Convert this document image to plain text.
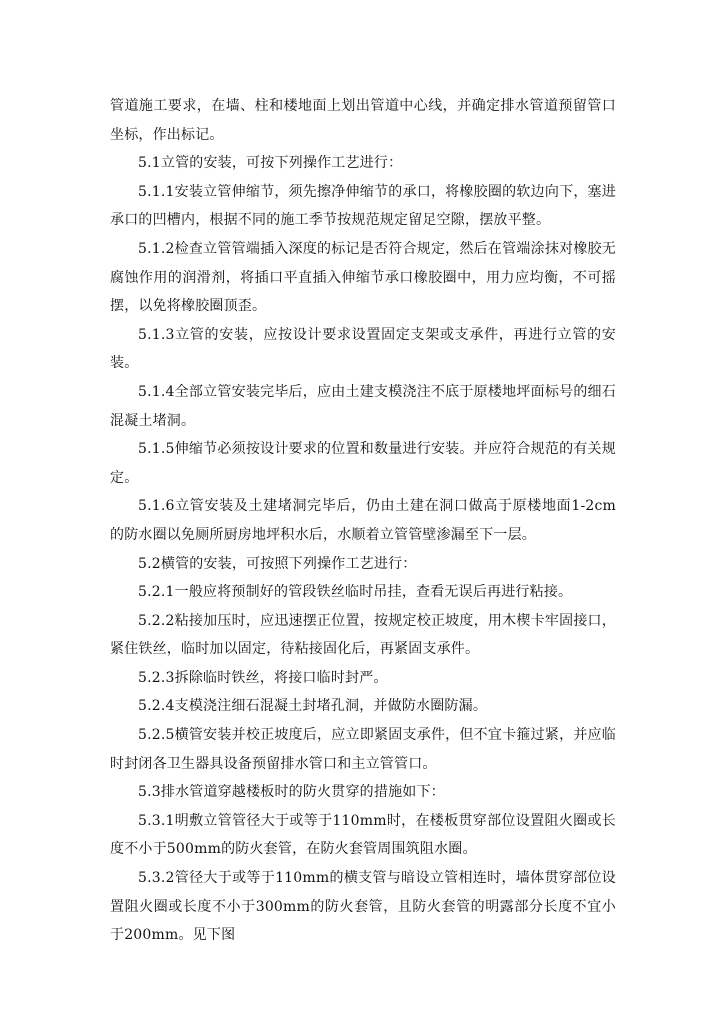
管道施工要求，在墙、柱和楼地面上划出管道中心线，并确定排水管道预留管口坐标，作出标记。

5.1立管的安装，可按下列操作工艺进行：

5.1.1安装立管伸缩节，须先擦净伸缩节的承口，将橡胶圈的软边向下，塞进承口的凹槽内，根据不同的施工季节按规范规定留足空隙，摆放平整。

5.1.2检查立管管端插入深度的标记是否符合规定，然后在管端涂抹对橡胶无腐蚀作用的润滑剂，将插口平直插入伸缩节承口橡胶圈中，用力应均衡，不可摇摆，以免将橡胶圈顶歪。

5.1.3立管的安装，应按设计要求设置固定支架或支承件，再进行立管的安装。

5.1.4全部立管安装完毕后，应由土建支模浇注不底于原楼地坪面标号的细石混凝土堵洞。

5.1.5伸缩节必须按设计要求的位置和数量进行安装。并应符合规范的有关规定。

5.1.6立管安装及土建堵洞完毕后，仍由土建在洞口做高于原楼地面1-2cm的防水圈以免厕所厨房地坪积水后，水顺着立管管壁渗漏至下一层。

5.2横管的安装，可按照下列操作工艺进行：

5.2.1一般应将预制好的管段铁丝临时吊挂，查看无误后再进行粘接。

5.2.2粘接加压时，应迅速摆正位置，按规定校正坡度，用木楔卡牢固接口，紧住铁丝，临时加以固定，待粘接固化后，再紧固支承件。

5.2.3拆除临时铁丝，将接口临时封严。

5.2.4支模浇注细石混凝土封堵孔洞，并做防水圈防漏。

5.2.5横管安装并校正坡度后，应立即紧固支承件，但不宜卡箍过紧，并应临时封闭各卫生器具设备预留排水管口和主立管管口。

5.3排水管道穿越楼板时的防火贯穿的措施如下：

5.3.1明敷立管管径大于或等于110mm时，在楼板贯穿部位设置阻火圈或长度不小于500mm的防火套管，在防火套管周围筑阻水圈。

5.3.2管径大于或等于110mm的横支管与暗设立管相连时，墙体贯穿部位设置阻火圈或长度不小于300mm的防火套管，且防火套管的明露部分长度不宜小于200mm。见下图
